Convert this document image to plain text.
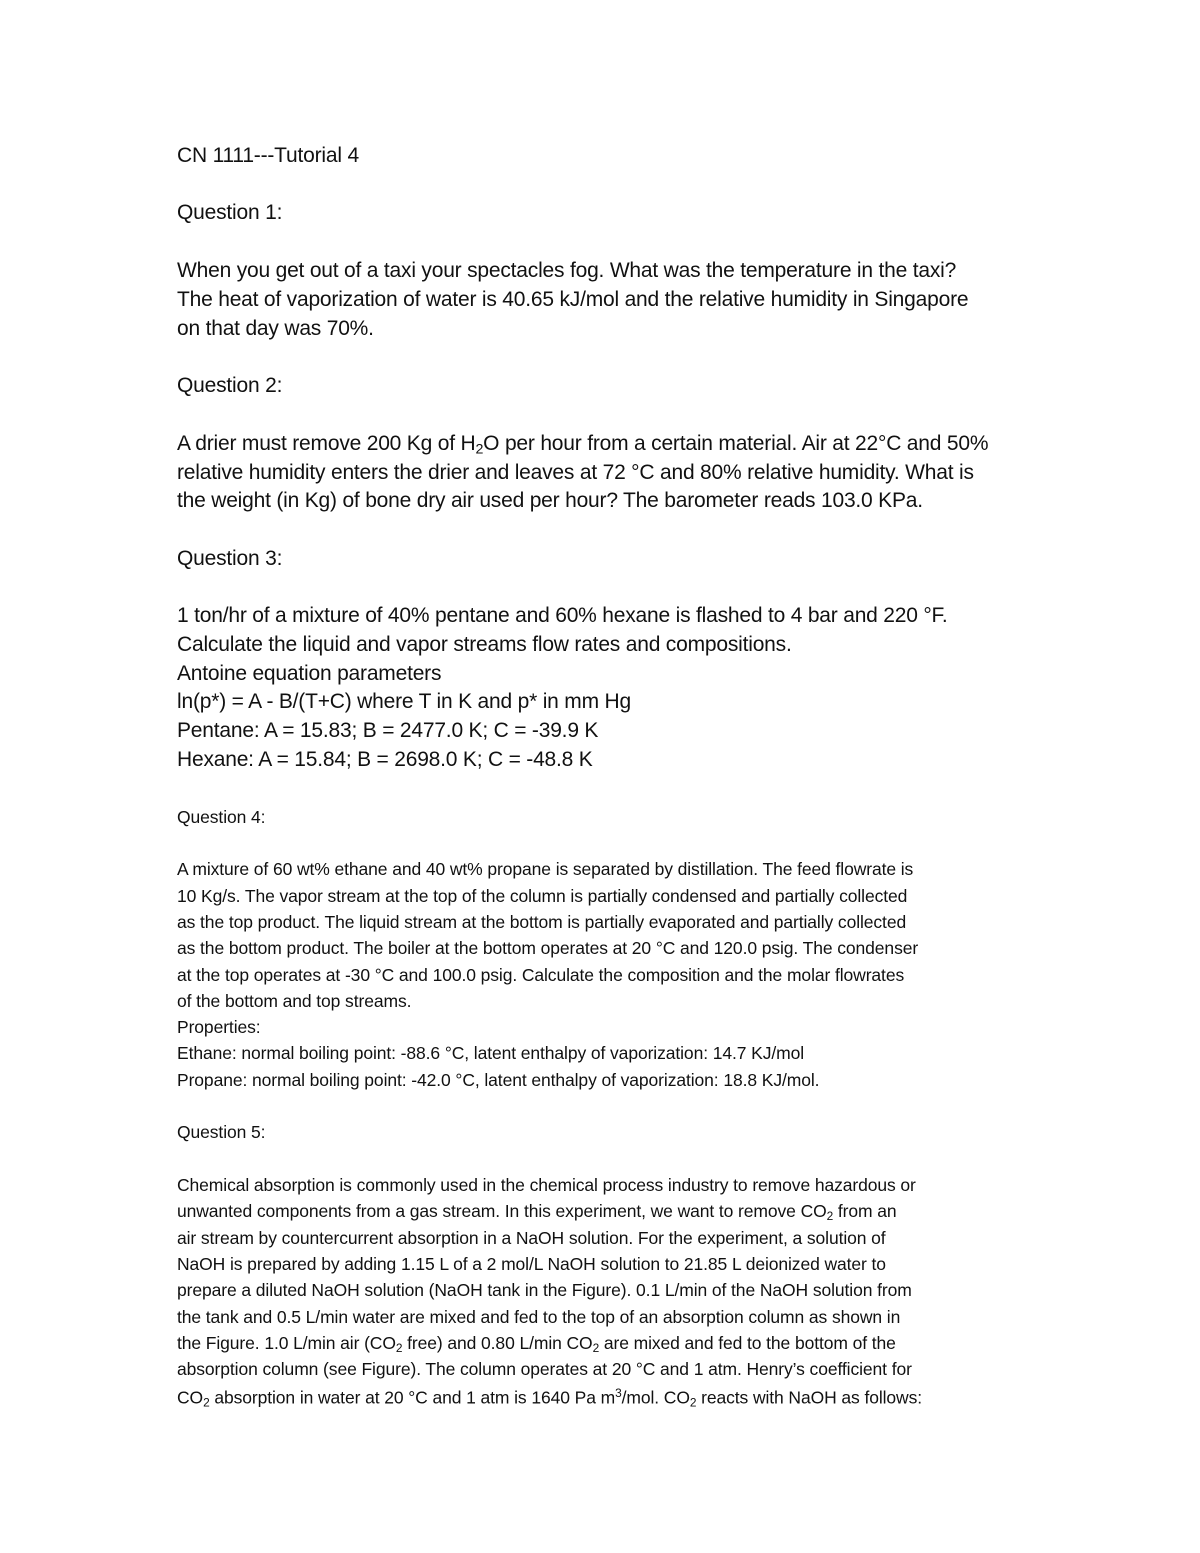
CN 1111---Tutorial 4
Question 1:
When you get out of a taxi your spectacles fog. What was the temperature in the taxi?
The heat of vaporization of water is 40.65 kJ/mol and the relative humidity in Singapore
on that day was 70%.
Question 2:
A drier must remove 200 Kg of $H_2O$ per hour from a certain material. Air at 22°C and 50%
relative humidity enters the drier and leaves at 72 °C and 80% relative humidity. What is
the weight (in Kg) of bone dry air used per hour? The barometer reads 103.0 KPa.
Question 3:
1 ton/hr of a mixture of 40% pentane and 60% hexane is flashed to 4 bar and 220 °F.
Calculate the liquid and vapor streams flow rates and compositions.
Antoine equation parameters
ln(p*) = A - B/(T+C) where T in K and p* in mm Hg
Pentane: A = 15.83; B = 2477.0 K; C = -39.9 K
Hexane: A = 15.84; B = 2698.0 K; C = -48.8 K
Question 4:
A mixture of 60 wt% ethane and 40 wt% propane is separated by distillation. The feed flowrate is
10 Kg/s. The vapor stream at the top of the column is partially condensed and partially collected
as the top product. The liquid stream at the bottom is partially evaporated and partially collected
as the bottom product. The boiler at the bottom operates at 20 °C and 120.0 psig. The condenser
at the top operates at -30 °C and 100.0 psig. Calculate the composition and the molar flowrates
of the bottom and top streams.
Properties:
Ethane: normal boiling point: -88.6 °C, latent enthalpy of vaporization: 14.7 KJ/mol
Propane: normal boiling point: -42.0 °C, latent enthalpy of vaporization: 18.8 KJ/mol.
Question 5:
Chemical absorption is commonly used in the chemical process industry to remove hazardous or
unwanted components from a gas stream. In this experiment, we want to remove $CO_2$ from an
air stream by countercurrent absorption in a NaOH solution. For the experiment, a solution of
NaOH is prepared by adding 1.15 L of a 2 mol/L NaOH solution to 21.85 L deionized water to
prepare a diluted NaOH solution (NaOH tank in the Figure). 0.1 L/min of the NaOH solution from
the tank and 0.5 L/min water are mixed and fed to the top of an absorption column as shown in
the Figure. 1.0 L/min air ($CO_2$ free) and 0.80 L/min $CO_2$ are mixed and fed to the bottom of the
absorption column (see Figure). The column operates at 20 °C and 1 atm. Henry’s coefficient for
$CO_2$ absorption in water at 20 °C and 1 atm is 1640 Pa $m^3$/mol. $CO_2$ reacts with NaOH as follows:
